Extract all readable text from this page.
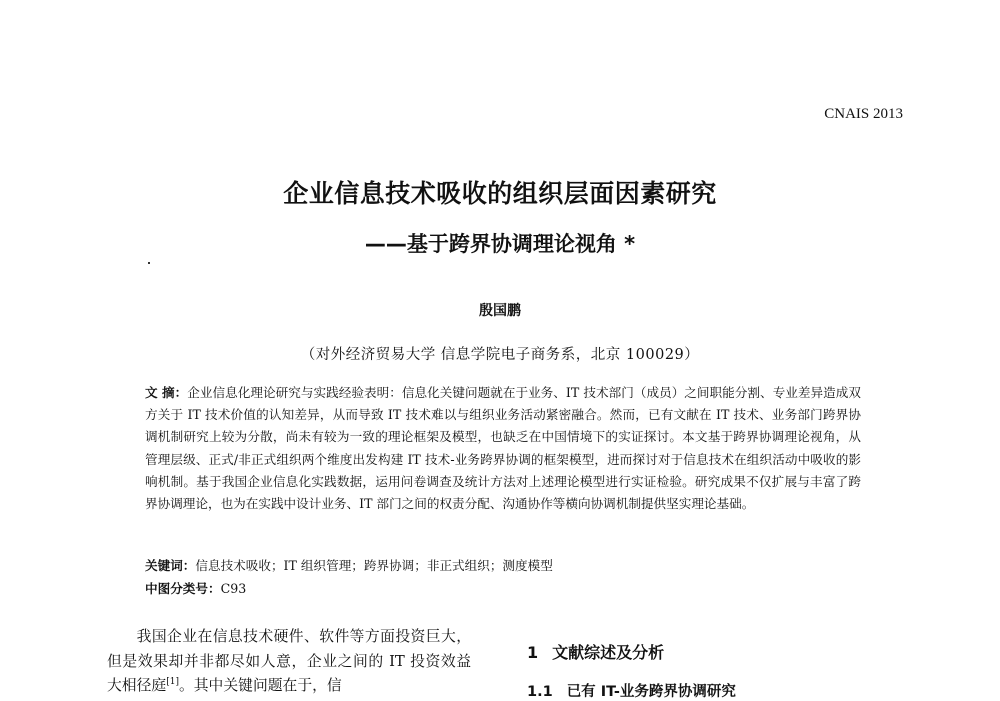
CNAIS 2013
企业信息技术吸收的组织层面因素研究
——基于跨界协调理论视角 *
殷国鹏
（对外经济贸易大学 信息学院电子商务系，北京 100029）
文 摘：企业信息化理论研究与实践经验表明：信息化关键问题就在于业务、IT 技术部门（成员）之间职能分割、专业差异造成双方关于 IT 技术价值的认知差异，从而导致 IT 技术难以与组织业务活动紧密融合。然而，已有文献在 IT 技术、业务部门跨界协调机制研究上较为分散，尚未有较为一致的理论框架及模型，也缺乏在中国情境下的实证探讨。本文基于跨界协调理论视角，从管理层级、正式/非正式组织两个维度出发构建 IT 技术-业务跨界协调的框架模型，进而探讨对于信息技术在组织活动中吸收的影响机制。基于我国企业信息化实践数据，运用问卷调查及统计方法对上述理论模型进行实证检验。研究成果不仅扩展与丰富了跨界协调理论，也为在实践中设计业务、IT 部门之间的权责分配、沟通协作等横向协调机制提供坚实理论基础。
关键词：信息技术吸收；IT 组织管理；跨界协调；非正式组织；测度模型
中图分类号：C93
我国企业在信息技术硬件、软件等方面投资巨大，但是效果却并非都尽如人意，企业之间的 IT 投资效益大相径庭[1]。其中关键问题在于，信
1 文献综述及分析
1.1 已有 IT-业务跨界协调研究
